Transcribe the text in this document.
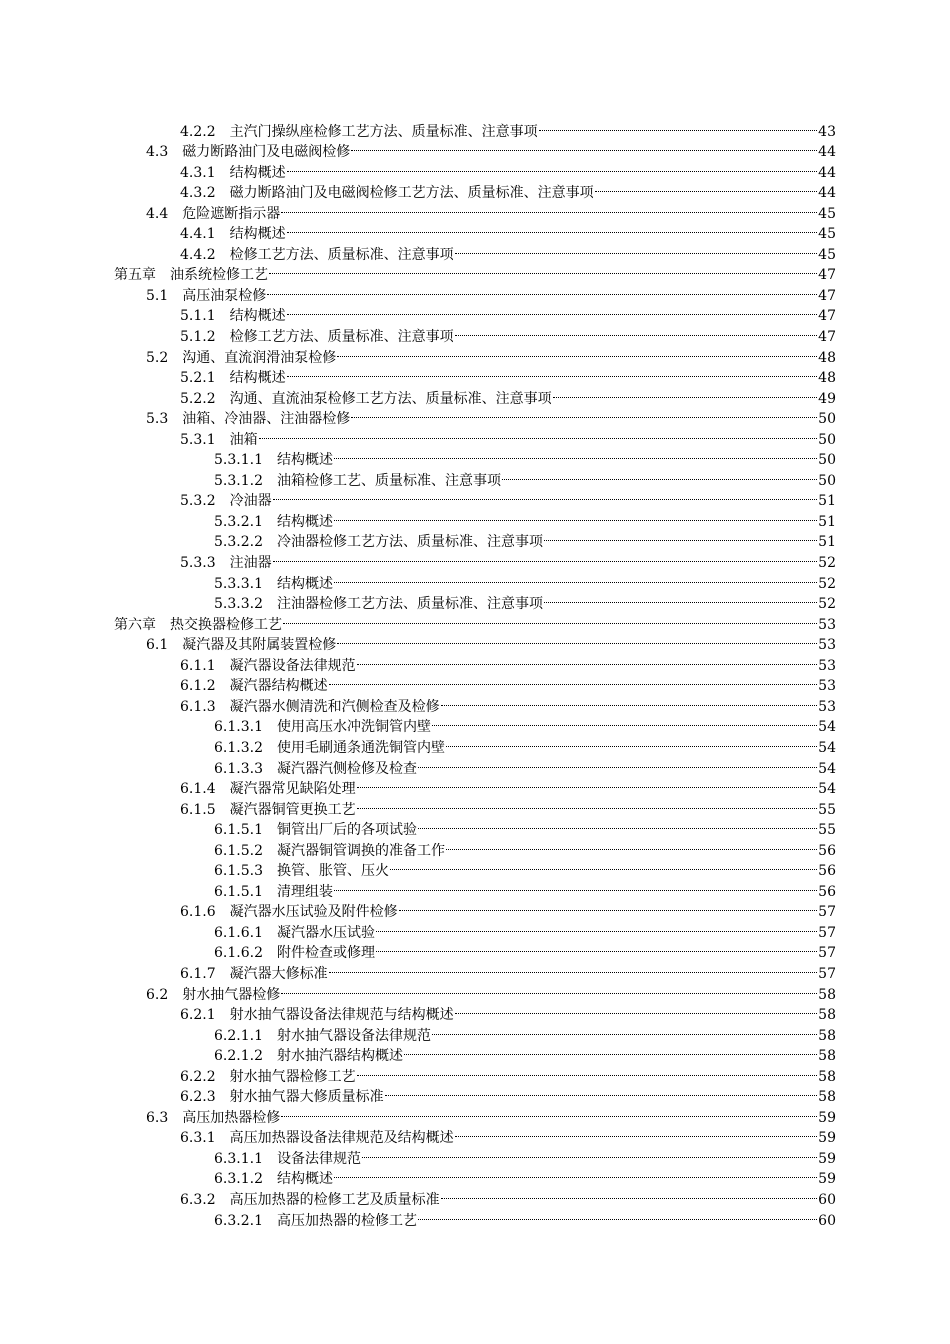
4.2.2	主汽门操纵座检修工艺方法、质量标准、注意事项	43
4.3	磁力断路油门及电磁阀检修	44
4.3.1	结构概述	44
4.3.2	磁力断路油门及电磁阀检修工艺方法、质量标准、注意事项	44
4.4	危险遮断指示器	45
4.4.1	结构概述	45
4.4.2	检修工艺方法、质量标准、注意事项	45
第五章	油系统检修工艺	47
5.1	高压油泵检修	47
5.1.1	结构概述	47
5.1.2	检修工艺方法、质量标准、注意事项	47
5.2	沟通、直流润滑油泵检修	48
5.2.1	结构概述	48
5.2.2	沟通、直流油泵检修工艺方法、质量标准、注意事项	49
5.3	油箱、冷油器、注油器检修	50
5.3.1	油箱	50
5.3.1.1	结构概述	50
5.3.1.2	油箱检修工艺、质量标准、注意事项	50
5.3.2	冷油器	51
5.3.2.1	结构概述	51
5.3.2.2	冷油器检修工艺方法、质量标准、注意事项	51
5.3.3	注油器	52
5.3.3.1	结构概述	52
5.3.3.2	注油器检修工艺方法、质量标准、注意事项	52
第六章	热交换器检修工艺	53
6.1	凝汽器及其附属装置检修	53
6.1.1	凝汽器设备法律规范	53
6.1.2	凝汽器结构概述	53
6.1.3	凝汽器水侧清洗和汽侧检查及检修	53
6.1.3.1	使用高压水冲洗铜管内壁	54
6.1.3.2	使用毛刷通条通洗铜管内壁	54
6.1.3.3	凝汽器汽侧检修及检查	54
6.1.4	凝汽器常见缺陷处理	54
6.1.5	凝汽器铜管更换工艺	55
6.1.5.1	铜管出厂后的各项试验	55
6.1.5.2	凝汽器铜管调换的准备工作	56
6.1.5.3	换管、胀管、压火	56
6.1.5.1	清理组装	56
6.1.6	凝汽器水压试验及附件检修	57
6.1.6.1	凝汽器水压试验	57
6.1.6.2	附件检查或修理	57
6.1.7	凝汽器大修标准	57
6.2	射水抽气器检修	58
6.2.1	射水抽气器设备法律规范与结构概述	58
6.2.1.1	射水抽气器设备法律规范	58
6.2.1.2	射水抽汽器结构概述	58
6.2.2	射水抽气器检修工艺	58
6.2.3	射水抽气器大修质量标准	58
6.3	高压加热器检修	59
6.3.1	高压加热器设备法律规范及结构概述	59
6.3.1.1	设备法律规范	59
6.3.1.2	结构概述	59
6.3.2	高压加热器的检修工艺及质量标准	60
6.3.2.1	高压加热器的检修工艺	60
